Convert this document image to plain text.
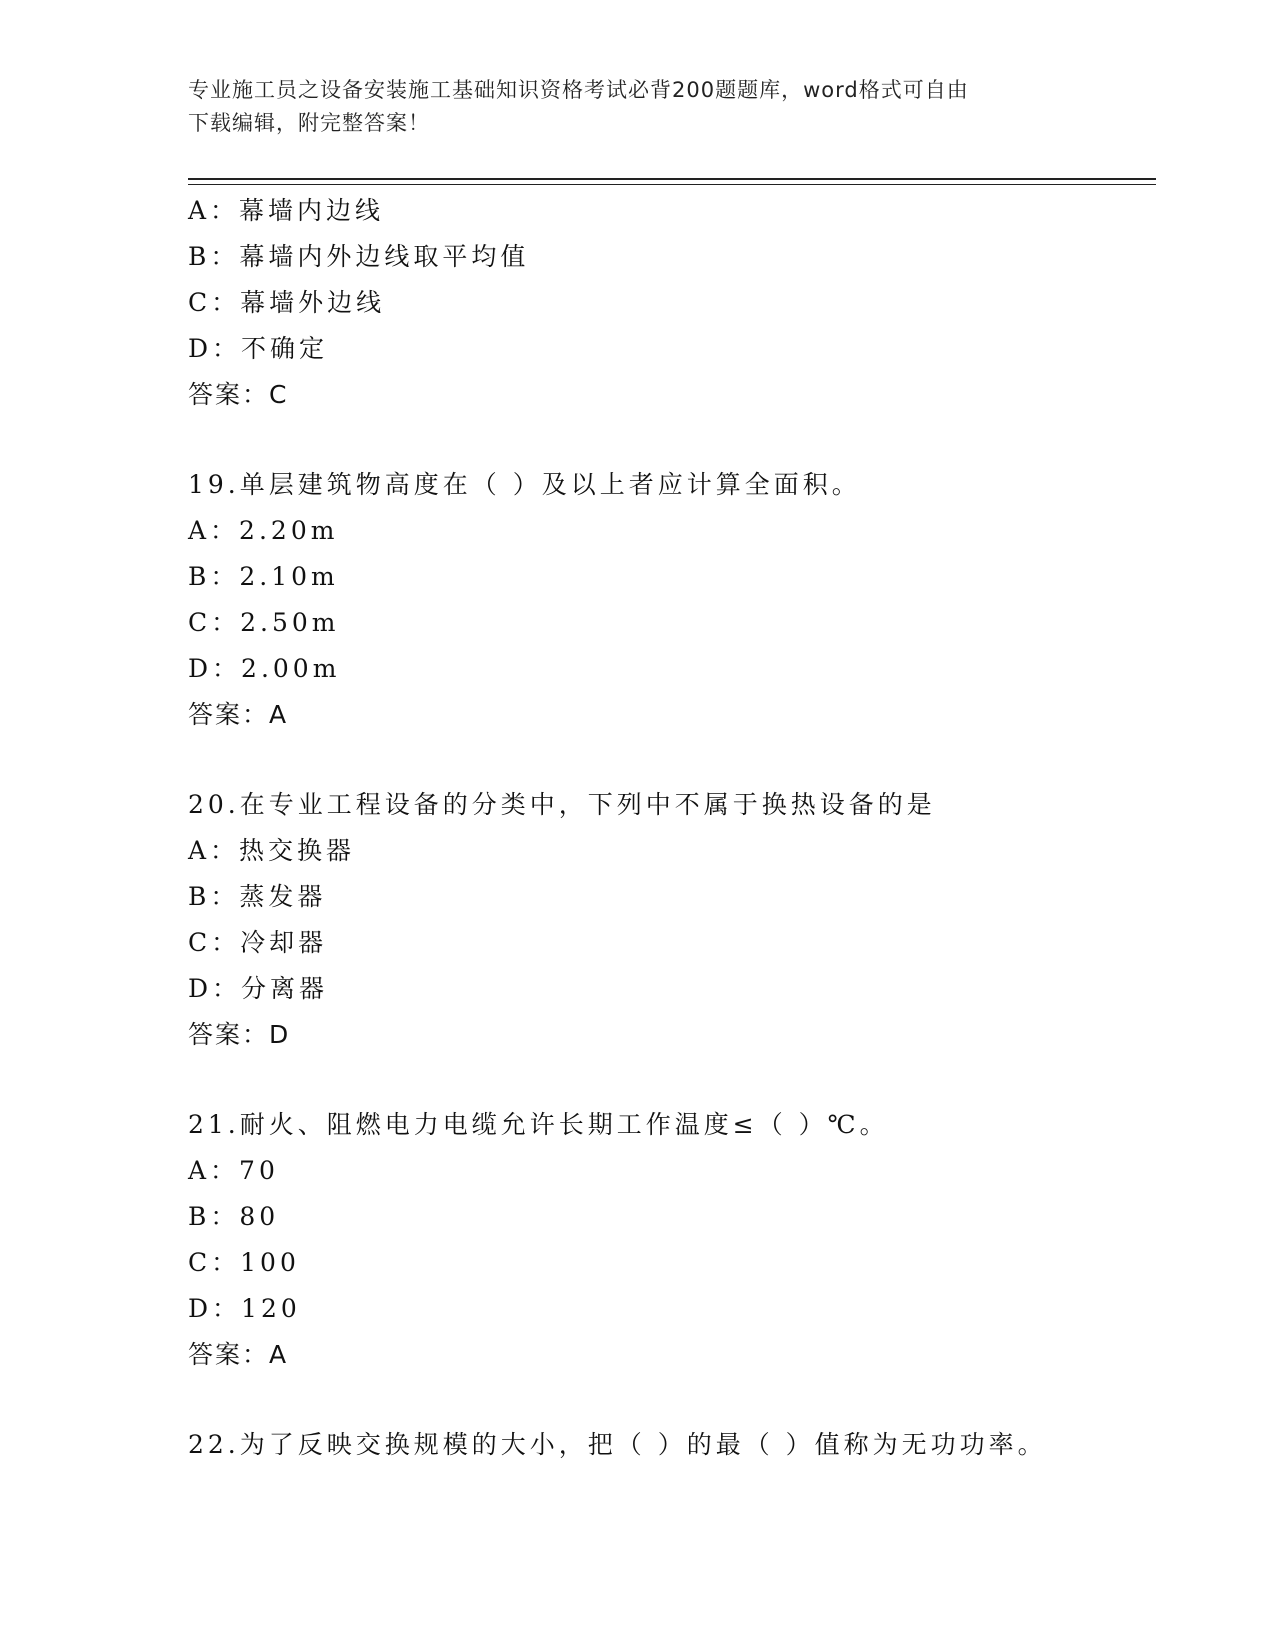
专业施工员之设备安装施工基础知识资格考试必背200题题库，word格式可自由
下载编辑，附完整答案！
A：幕墙内边线
B：幕墙内外边线取平均值
C：幕墙外边线
D：不确定
答案：C
19.单层建筑物高度在（ ）及以上者应计算全面积。
A：2.20m
B：2.10m
C：2.50m
D：2.00m
答案：A
20.在专业工程设备的分类中，下列中不属于换热设备的是
A：热交换器
B：蒸发器
C：冷却器
D：分离器
答案：D
21.耐火、阻燃电力电缆允许长期工作温度≤（ ）℃。
A：70
B：80
C：100
D：120
答案：A
22.为了反映交换规模的大小，把（ ）的最（ ）值称为无功功率。
